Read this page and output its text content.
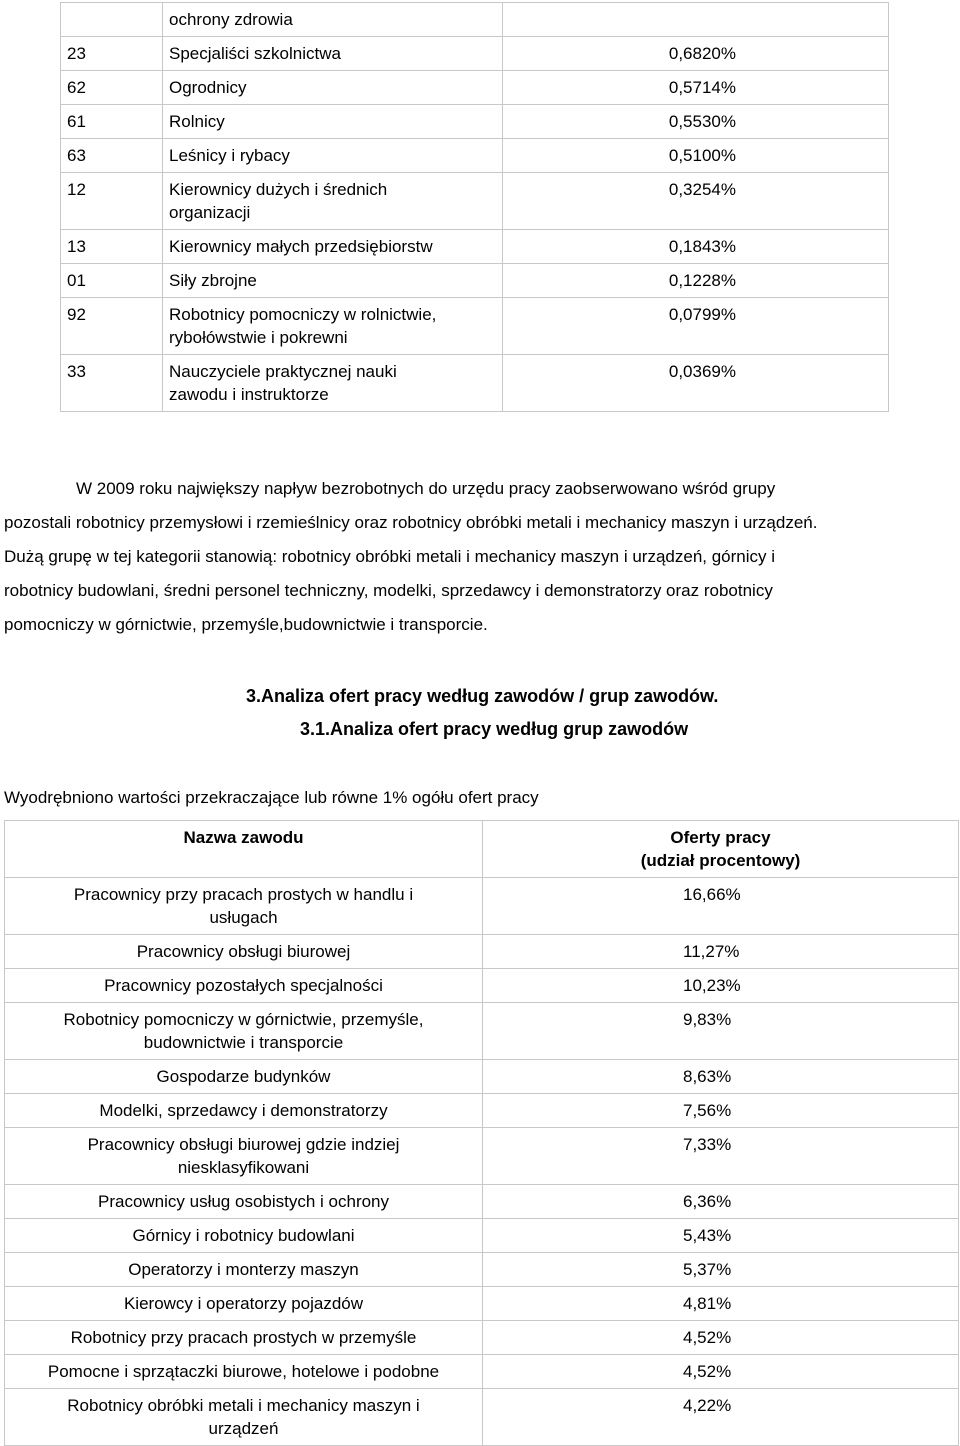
	ochrony zdrowia	
23	Specjaliści szkolnictwa	0,6820%
62	Ogrodnicy	0,5714%
61	Rolnicy	0,5530%
63	Leśnicy i rybacy	0,5100%
12	Kierownicy dużych i średnich
organizacji	0,3254%
13	Kierownicy małych przedsiębiorstw	0,1843%
01	Siły zbrojne	0,1228%
92	Robotnicy pomocniczy w rolnictwie,
rybołówstwie i pokrewni	0,0799%
33	Nauczyciele praktycznej nauki
zawodu i instruktorze	0,0369%

W 2009 roku największy napływ bezrobotnych do urzędu pracy zaobserwowano wśród grupy
pozostali robotnicy przemysłowi i rzemieślnicy oraz robotnicy obróbki metali i mechanicy maszyn i urządzeń.
Dużą grupę w tej kategorii stanowią: robotnicy obróbki metali i mechanicy maszyn i urządzeń, górnicy i
robotnicy budowlani, średni personel techniczny, modelki, sprzedawcy i demonstratorzy oraz robotnicy
pomocniczy w górnictwie, przemyśle,budownictwie i transporcie.

3.Analiza ofert pracy według zawodów / grup zawodów.

3.1.Analiza ofert pracy według grup zawodów

Wyodrębniono wartości przekraczające lub równe 1% ogółu ofert pracy

Nazwa zawodu	Oferty pracy
(udział procentowy)

Pracownicy przy pracach prostych w handlu i
usługach	16,66%
Pracownicy obsługi biurowej	11,27%
Pracownicy pozostałych specjalności	10,23%
Robotnicy pomocniczy w górnictwie, przemyśle,
budownictwie i transporcie	9,83%
Gospodarze budynków	8,63%
Modelki, sprzedawcy i demonstratorzy	7,56%
Pracownicy obsługi biurowej gdzie indziej
niesklasyfikowani	7,33%
Pracownicy usług osobistych i ochrony	6,36%
Górnicy i robotnicy budowlani	5,43%
Operatorzy i monterzy maszyn	5,37%
Kierowcy i operatorzy pojazdów	4,81%
Robotnicy przy pracach prostych w przemyśle	4,52%
Pomocne i sprzątaczki biurowe, hotelowe i podobne	4,52%
Robotnicy obróbki metali i mechanicy maszyn i
urządzeń	4,22%
